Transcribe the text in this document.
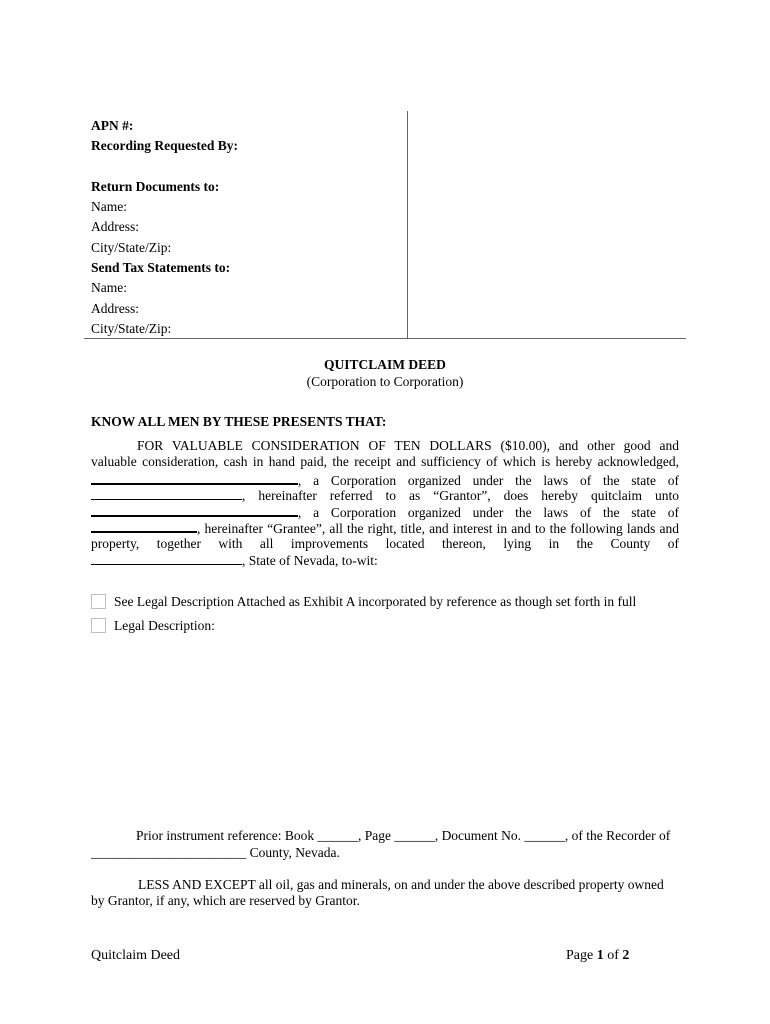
APN #:
Recording Requested By:
Return Documents to:
Name:
Address:
City/State/Zip:
Send Tax Statements to:
Name:
Address:
City/State/Zip:
QUITCLAIM DEED
(Corporation to Corporation)
KNOW ALL MEN BY THESE PRESENTS THAT:
FOR VALUABLE CONSIDERATION OF TEN DOLLARS ($10.00), and other good and
valuable consideration, cash in hand paid, the receipt and sufficiency of which is hereby acknowledged,
, a Corporation organized under the laws of the state of
, hereinafter referred to as “Grantor”, does hereby quitclaim unto
, a Corporation organized under the laws of the state of
, hereinafter “Grantee”, all the right, title, and interest in and to the following lands and
property, together with all improvements located thereon, lying in the County of
, State of Nevada, to-wit:
See Legal Description Attached as Exhibit A incorporated by reference as though set forth in full
Legal Description:
Prior instrument reference: Book ______, Page ______, Document No. ______, of the Recorder of
_______________________ County, Nevada.
LESS AND EXCEPT all oil, gas and minerals, on and under the above described property owned
by Grantor, if any, which are reserved by Grantor.
Quitclaim Deed	Page 1 of 2
